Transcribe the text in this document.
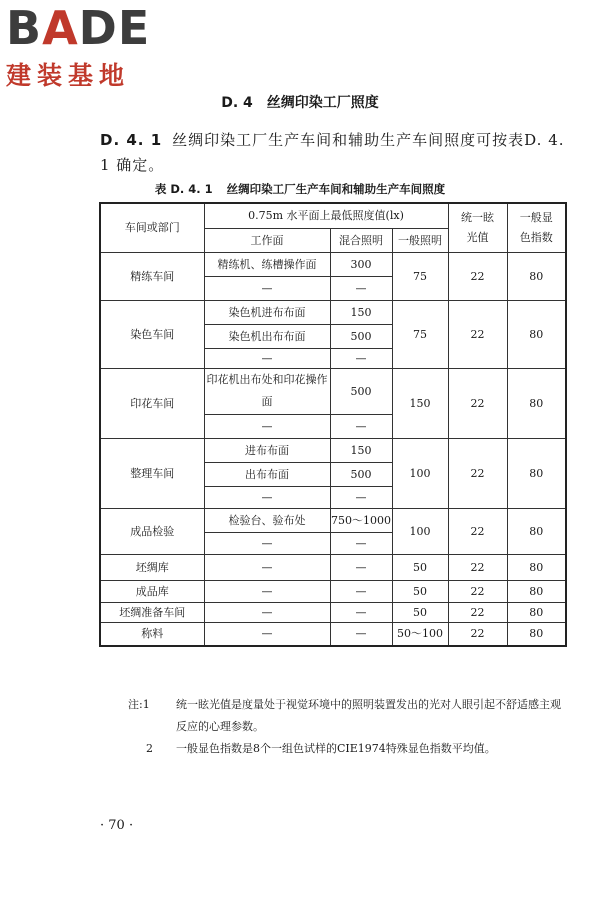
BADE
建装基地
D. 4 丝绸印染工厂照度
D. 4. 1 丝绸印染工厂生产车间和辅助生产车间照度可按表D. 4. 1 确定。
表 D. 4. 1 丝绸印染工厂生产车间和辅助生产车间照度
车间或部门	0.75m 水平面上最低照度值(lx)			统一眩光值	一般显色指数

	工作面	混合照明	一般照明		
精练车间	精练机、练槽操作面	300	75	22	80
	—	—			
染色车间	染色机进布布面	150	75	22	80
	染色机出布布面	500			
	—	—			
印花车间	印花机出布处和印花操作面	500	150	22	80
	—	—			
整理车间	进布布面	150	100	22	80
	出布布面	500			
	—	—			
成品检验	检验台、验布处	750～1000	100	22	80
	—	—			
坯绸库	—	—	50	22	80
成品库	—	—	50	22	80
坯绸准备车间	—	—	50	22	80
称料	—	—	50～100	22	80
注:1	统一眩光值是度量处于视觉环境中的照明装置发出的光对人眼引起不舒适感主观反应的心理参数。
2	一般显色指数是8个一组色试样的CIE1974特殊显色指数平均值。
· 70 ·
